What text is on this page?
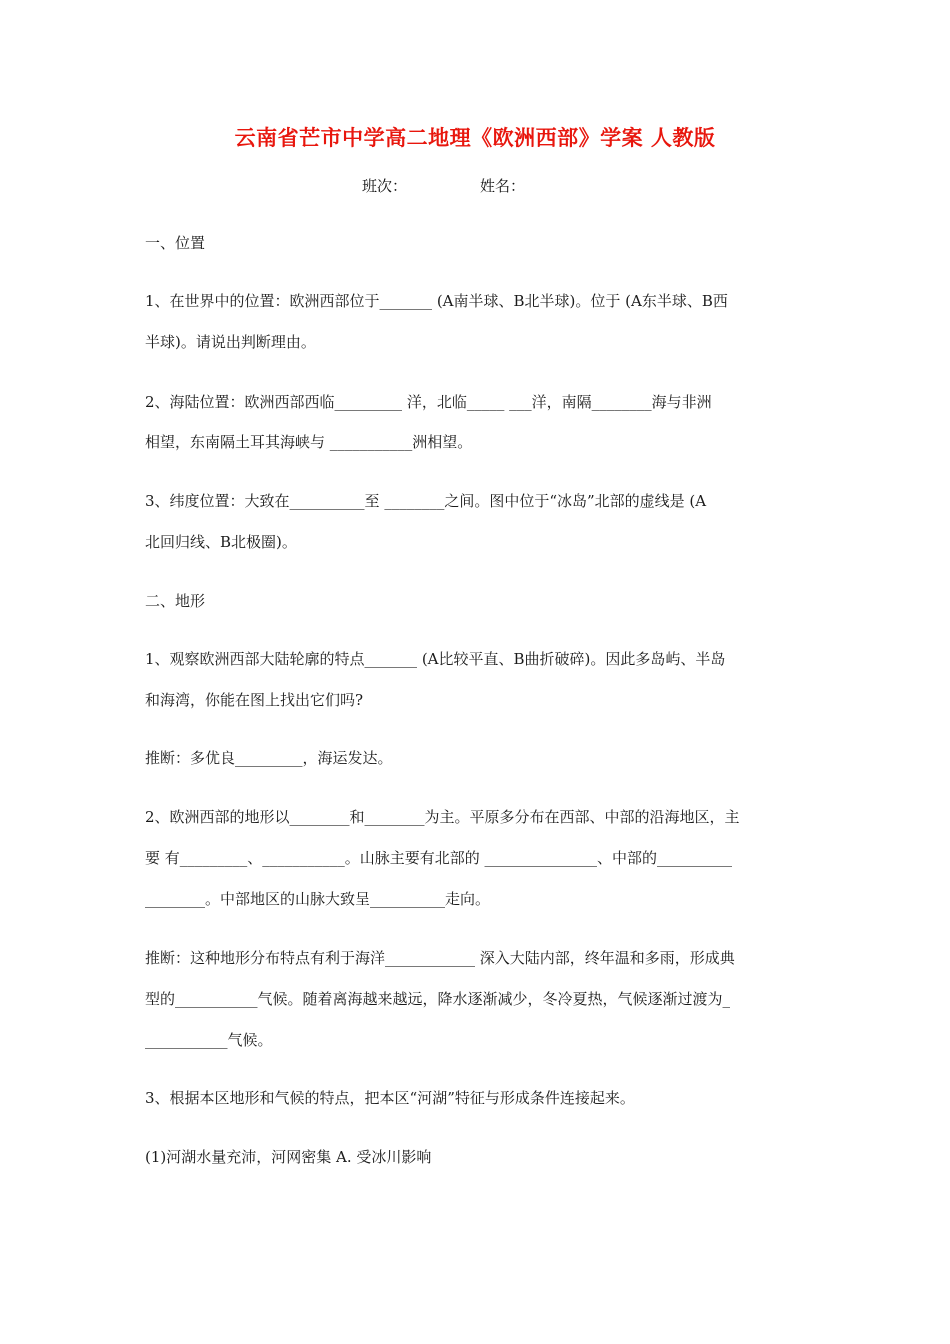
云南省芒市中学高二地理《欧洲西部》学案 人教版
班次：	姓名：
一、位置
1、在世界中的位置：欧洲西部位于_______ (A南半球、B北半球)。位于 (A东半球、B西
半球)。请说出判断理由。
2、海陆位置：欧洲西部西临_________ 洋，北临_____ ___洋，南隔________海与非洲
相望，东南隔土耳其海峡与 ___________洲相望。
3、纬度位置：大致在__________至 ________之间。图中位于“冰岛”北部的虚线是 (A
北回归线、B北极圈)。
二、地形
1、观察欧洲西部大陆轮廓的特点_______ (A比较平直、B曲折破碎)。因此多岛屿、半岛
和海湾，你能在图上找出它们吗?
推断：多优良_________，海运发达。
2、欧洲西部的地形以________和________为主。平原多分布在西部、中部的沿海地区，主
要 有_________、___________。山脉主要有北部的 _______________、中部的__________
________。中部地区的山脉大致呈__________走向。
推断：这种地形分布特点有利于海洋____________ 深入大陆内部，终年温和多雨，形成典
型的___________气候。随着离海越来越远，降水逐渐减少，冬冷夏热，气候逐渐过渡为_
___________气候。
3、根据本区地形和气候的特点，把本区“河湖”特征与形成条件连接起来。
(1)河湖水量充沛，河网密集 A. 受冰川影响
